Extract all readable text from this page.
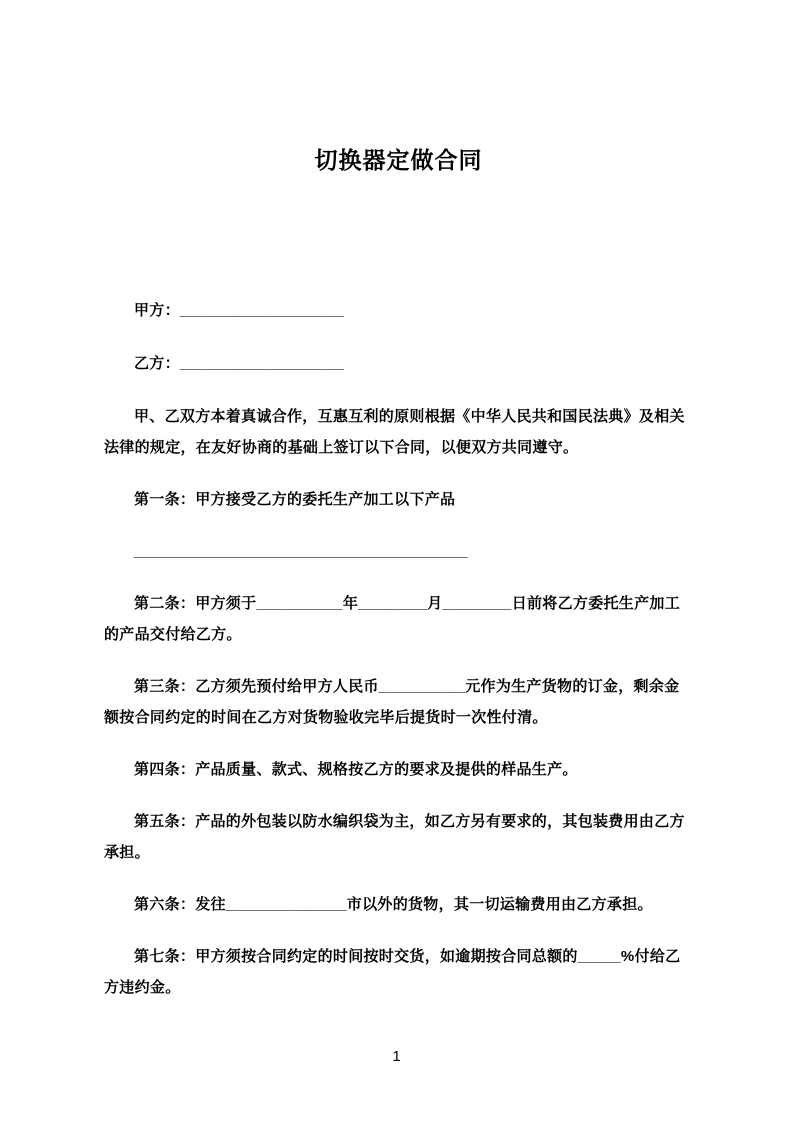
切换器定做合同

甲方：___________________

乙方：___________________

甲、乙双方本着真诚合作，互惠互利的原则根据《中华人民共和国民法典》及相关法律的规定，在友好协商的基础上签订以下合同，以便双方共同遵守。

第一条：甲方接受乙方的委托生产加工以下产品

________________________________________

第二条：甲方须于__________年________月________日前将乙方委托生产加工的产品交付给乙方。

第三条：乙方须先预付给甲方人民币__________元作为生产货物的订金，剩余金额按合同约定的时间在乙方对货物验收完毕后提货时一次性付清。

第四条：产品质量、款式、规格按乙方的要求及提供的样品生产。

第五条：产品的外包装以防水编织袋为主，如乙方另有要求的，其包装费用由乙方承担。

第六条：发往______________市以外的货物，其一切运输费用由乙方承担。

第七条：甲方须按合同约定的时间按时交货，如逾期按合同总额的_____%付给乙方违约金。

1
